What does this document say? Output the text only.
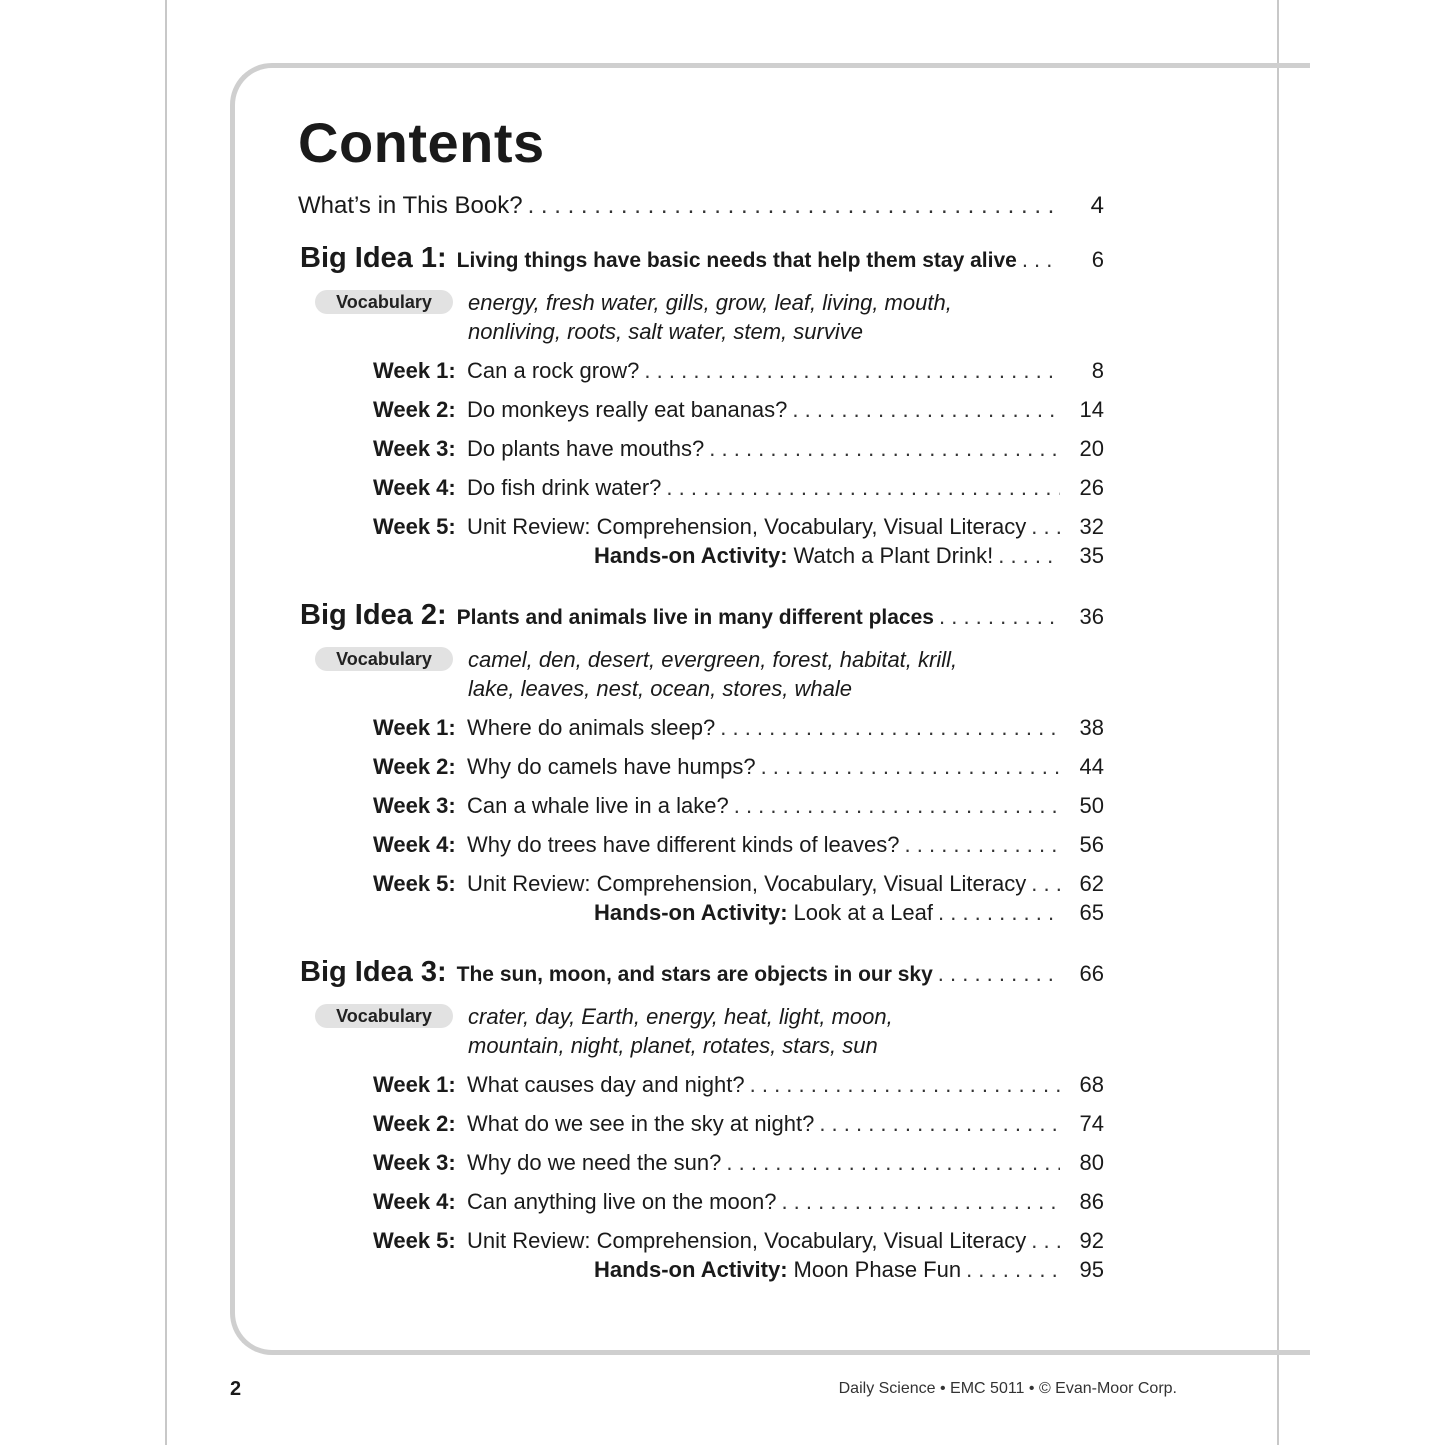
Contents
What’s in This Book? . . .	4
Big Idea 1: Living things have basic needs that help them stay alive . . .	6
Vocabulary	energy, fresh water, gills, grow, leaf, living, mouth,
nonliving, roots, salt water, stem, survive
Week 1: Can a rock grow? . . .	8
Week 2: Do monkeys really eat bananas? . . .	14
Week 3: Do plants have mouths? . . .	20
Week 4: Do fish drink water? . . .	26
Week 5: Unit Review: Comprehension, Vocabulary, Visual Literacy . . .	32
Hands-on Activity: Watch a Plant Drink! . . .	35
Big Idea 2: Plants and animals live in many different places . . .	36
Vocabulary	camel, den, desert, evergreen, forest, habitat, krill,
lake, leaves, nest, ocean, stores, whale
Week 1: Where do animals sleep? . . .	38
Week 2: Why do camels have humps? . . .	44
Week 3: Can a whale live in a lake? . . .	50
Week 4: Why do trees have different kinds of leaves? . . .	56
Week 5: Unit Review: Comprehension, Vocabulary, Visual Literacy . . .	62
Hands-on Activity: Look at a Leaf . . .	65
Big Idea 3: The sun, moon, and stars are objects in our sky . . .	66
Vocabulary	crater, day, Earth, energy, heat, light, moon,
mountain, night, planet, rotates, stars, sun
Week 1: What causes day and night? . . .	68
Week 2: What do we see in the sky at night? . . .	74
Week 3: Why do we need the sun? . . .	80
Week 4: Can anything live on the moon? . . .	86
Week 5: Unit Review: Comprehension, Vocabulary, Visual Literacy . . .	92
Hands-on Activity: Moon Phase Fun . . .	95
2	Daily Science • EMC 5011 • © Evan-Moor Corp.
